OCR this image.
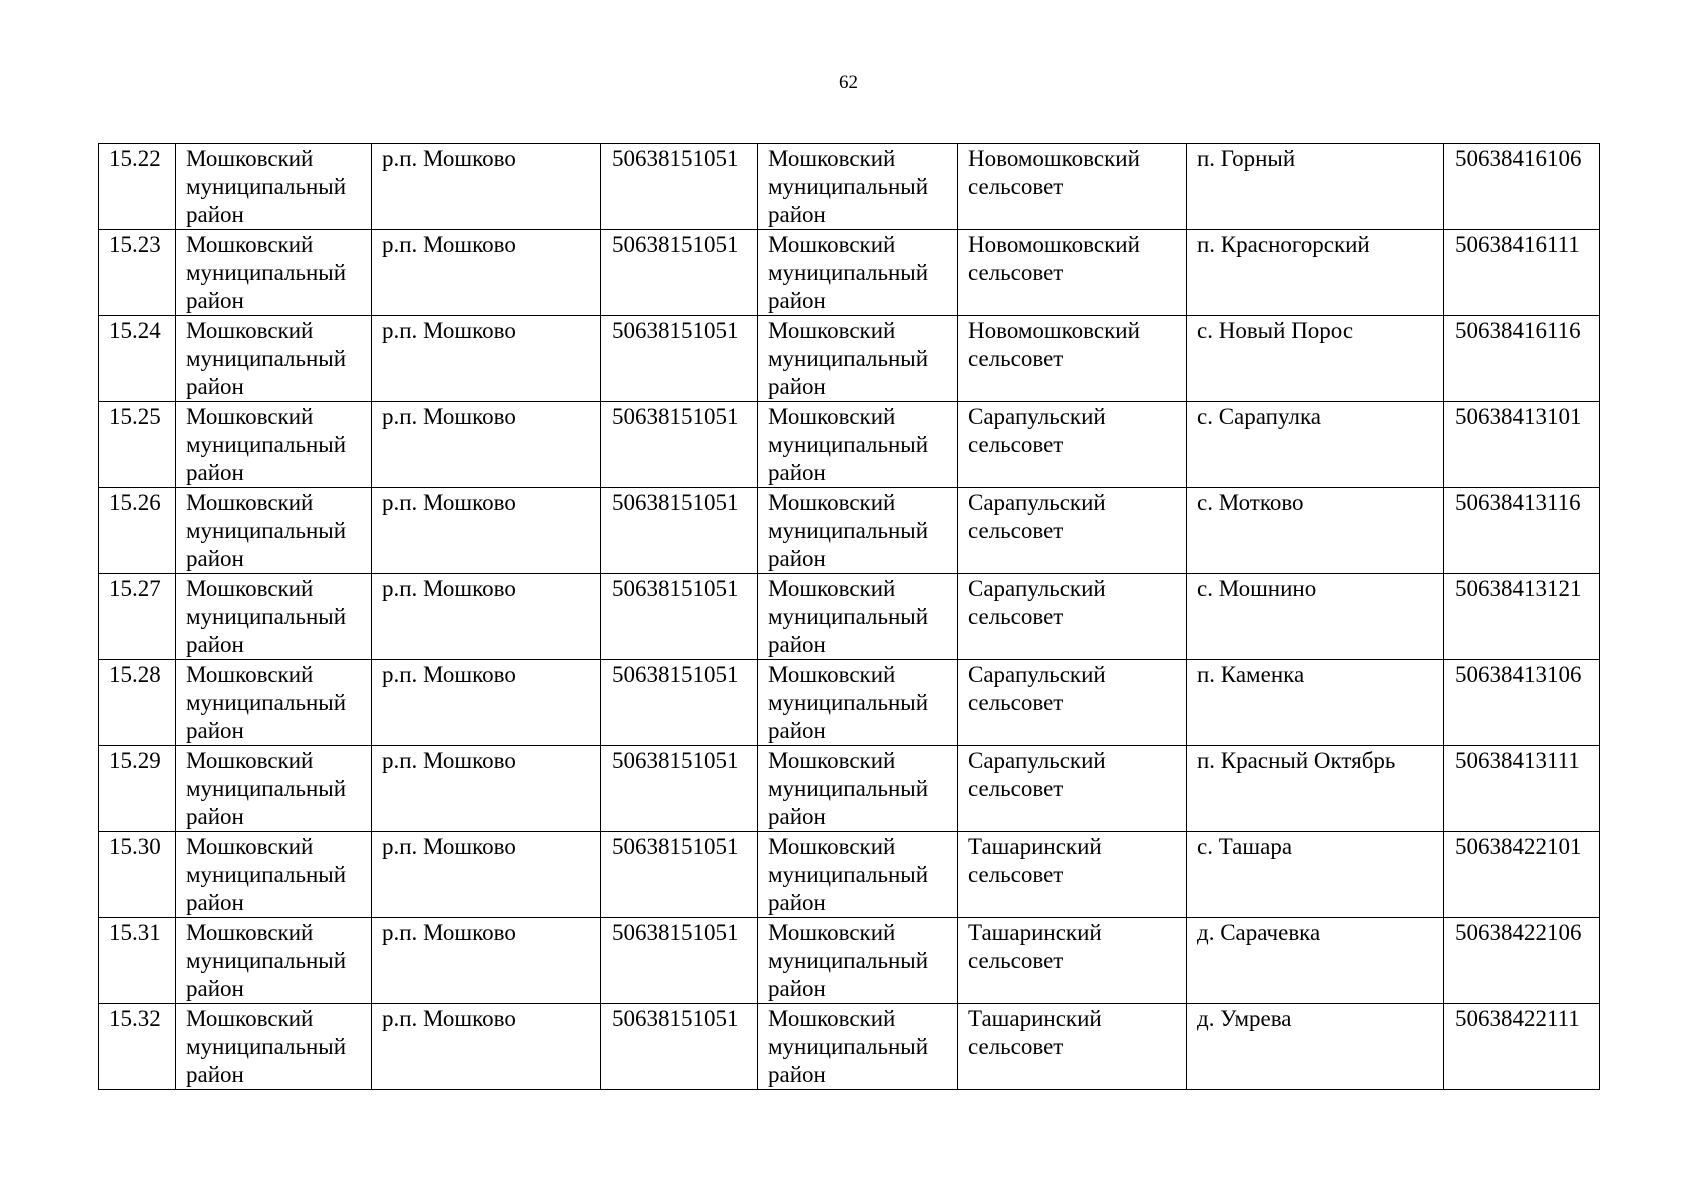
62
15.22	Мошковский муниципальный район	р.п. Мошково	50638151051	Мошковский муниципальный район	Новомошковский сельсовет	п. Горный	50638416106
15.23	Мошковский муниципальный район	р.п. Мошково	50638151051	Мошковский муниципальный район	Новомошковский сельсовет	п. Красногорский	50638416111
15.24	Мошковский муниципальный район	р.п. Мошково	50638151051	Мошковский муниципальный район	Новомошковский сельсовет	с. Новый Порос	50638416116
15.25	Мошковский муниципальный район	р.п. Мошково	50638151051	Мошковский муниципальный район	Сарапульский сельсовет	с. Сарапулка	50638413101
15.26	Мошковский муниципальный район	р.п. Мошково	50638151051	Мошковский муниципальный район	Сарапульский сельсовет	с. Мотково	50638413116
15.27	Мошковский муниципальный район	р.п. Мошково	50638151051	Мошковский муниципальный район	Сарапульский сельсовет	с. Мошнино	50638413121
15.28	Мошковский муниципальный район	р.п. Мошково	50638151051	Мошковский муниципальный район	Сарапульский сельсовет	п. Каменка	50638413106
15.29	Мошковский муниципальный район	р.п. Мошково	50638151051	Мошковский муниципальный район	Сарапульский сельсовет	п. Красный Октябрь	50638413111
15.30	Мошковский муниципальный район	р.п. Мошково	50638151051	Мошковский муниципальный район	Ташаринский сельсовет	с. Ташара	50638422101
15.31	Мошковский муниципальный район	р.п. Мошково	50638151051	Мошковский муниципальный район	Ташаринский сельсовет	д. Сарачевка	50638422106
15.32	Мошковский муниципальный район	р.п. Мошково	50638151051	Мошковский муниципальный район	Ташаринский сельсовет	д. Умрева	50638422111
